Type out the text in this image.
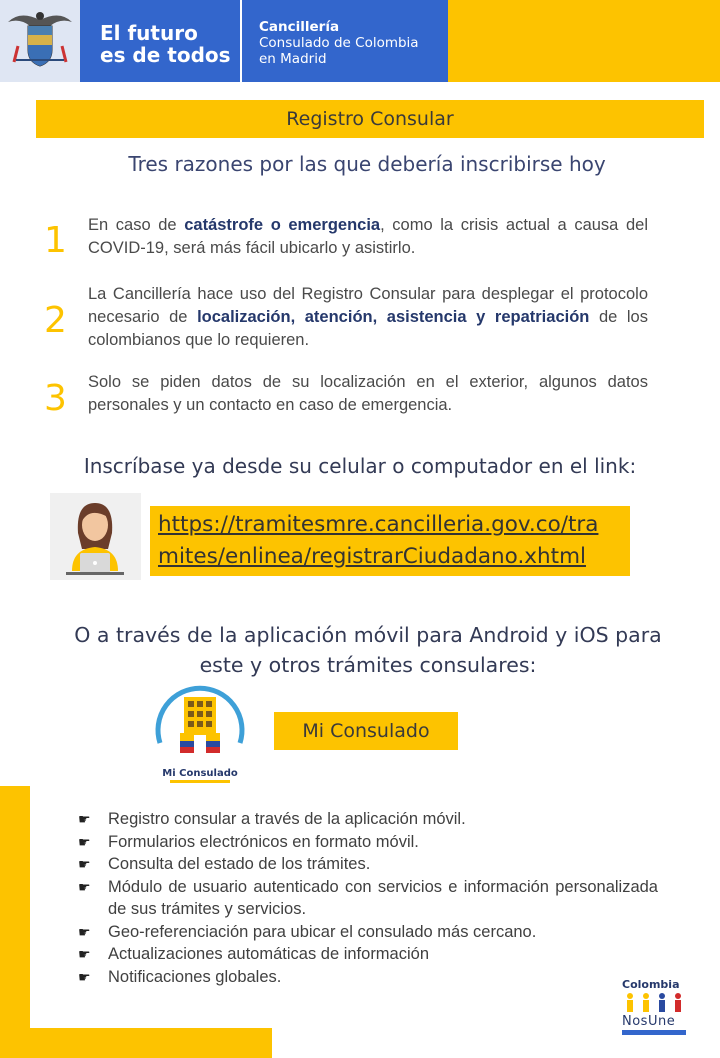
El futuro
es de todos
Cancillería
Consulado de Colombia
en Madrid
Registro Consular
Tres razones por las que debería inscribirse hoy
1 En caso de catástrofe o emergencia, como la crisis actual a causa del COVID-19, será más fácil ubicarlo y asistirlo.
2
La Cancillería hace uso del Registro Consular para desplegar el protocolo necesario de localización, atención, asistencia y repatriación de los colombianos que lo requieren.
3 Solo se piden datos de su localización en el exterior, algunos datos personales y un contacto en caso de emergencia.
Inscríbase ya desde su celular o computador en el link:
https://tramitesmre.cancilleria.gov.co/tra
mites/enlinea/registrarCiudadano.xhtml
O a través de la aplicación móvil para Android y iOS para
este y otros trámites consulares:
Mi Consulado
Mi Consulado
☛ Registro consular a través de la aplicación móvil.
☛ Formularios electrónicos en formato móvil.
☛ Consulta del estado de los trámites.
☛ Módulo de usuario autenticado con servicios e información personalizada de sus trámites y servicios.
☛ Geo-referenciación para ubicar el consulado más cercano.
☛ Actualizaciones automáticas de información
☛ Notificaciones globales.	Colombia
NosUne
